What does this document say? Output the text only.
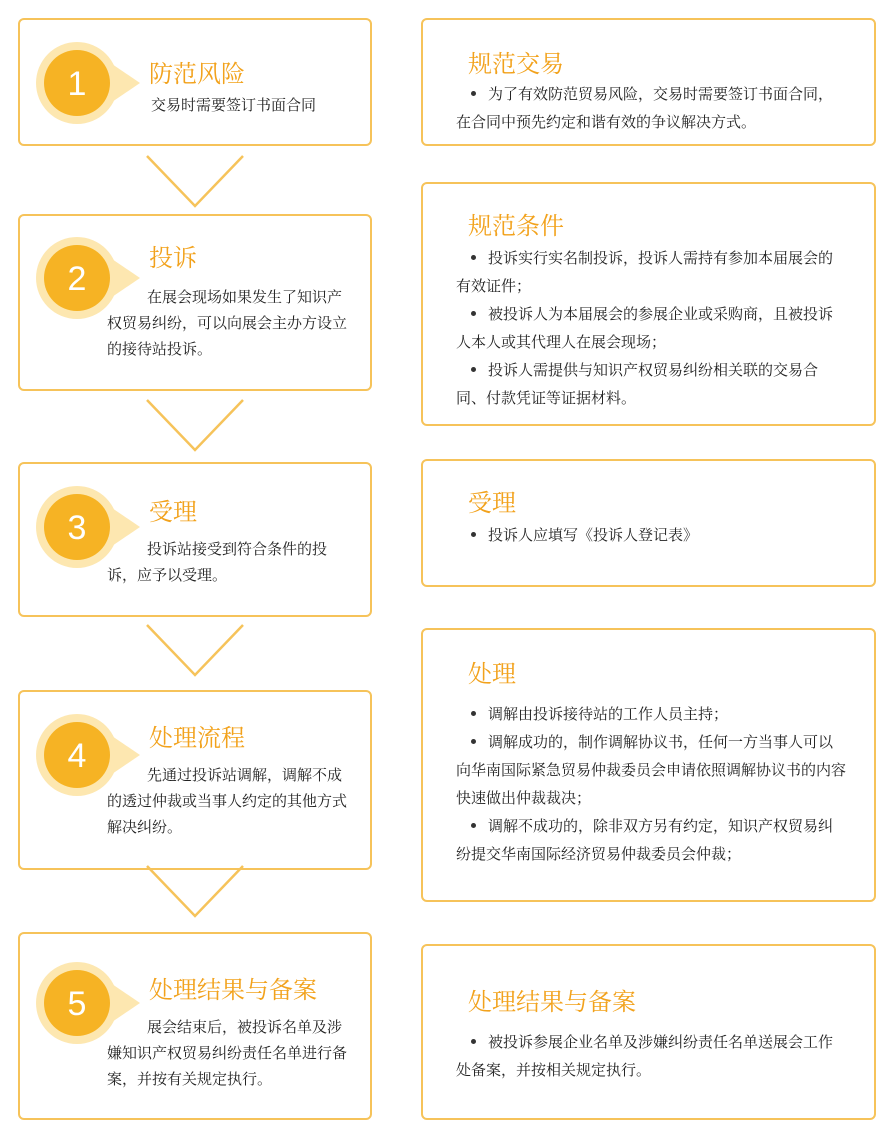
1	防范风险

交易时需要签订书面合同

2
投诉

在展会现场如果发生了知识产权贸易纠纷，可以向展会主办方设立的接待站投诉。

3	受理

投诉站接受到符合条件的投诉，应予以受理。

4	处理流程

先通过投诉站调解，调解不成的透过仲裁或当事人约定的其他方式解决纠纷。

5	处理结果与备案

展会结束后，被投诉名单及涉嫌知识产权贸易纠纷责任名单进行备案，并按有关规定执行。

规范交易
为了有效防范贸易风险，交易时需要签订书面合同，在合同中预先约定和谐有效的争议解决方式。
规范条件
投诉实行实名制投诉，投诉人需持有参加本届展会的有效证件；
被投诉人为本届展会的参展企业或采购商，且被投诉人本人或其代理人在展会现场；
投诉人需提供与知识产权贸易纠纷相关联的交易合同、付款凭证等证据材料。
受理
投诉人应填写《投诉人登记表》
处理
调解由投诉接待站的工作人员主持；
调解成功的，制作调解协议书，任何一方当事人可以向华南国际紧急贸易仲裁委员会申请依照调解协议书的内容快速做出仲裁裁决；
调解不成功的，除非双方另有约定，知识产权贸易纠纷提交华南国际经济贸易仲裁委员会仲裁；
处理结果与备案
被投诉参展企业名单及涉嫌纠纷责任名单送展会工作处备案，并按相关规定执行。
